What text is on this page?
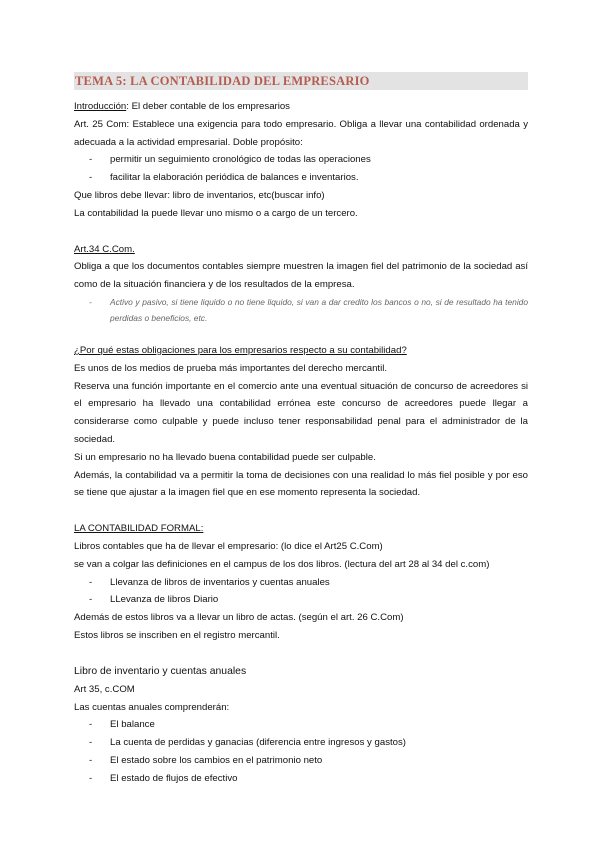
TEMA 5: LA CONTABILIDAD DEL EMPRESARIO
Introducción: El deber contable de los empresarios
Art. 25 Com: Establece una exigencia para todo empresario. Obliga a llevar una contabilidad ordenada y adecuada a la actividad empresarial. Doble propósito:
- permitir un seguimiento cronológico de todas las operaciones
- facilitar la elaboración periódica de balances e inventarios.
Que libros debe llevar: libro de inventarios, etc(buscar info)
La contabilidad la puede llevar uno mismo o a cargo de un tercero.
Art.34 C.Com.
Obliga a que los documentos contables siempre muestren la imagen fiel del patrimonio de la sociedad así como de la situación financiera y de los resultados de la empresa.
- Activo y pasivo, si tiene liquido o no tiene liquido, si van a dar credito los bancos o no, si de resultado ha tenido perdidas o beneficios, etc.
¿Por qué estas obligaciones para los empresarios respecto a su contabilidad?
Es unos de los medios de prueba más importantes del derecho mercantil.
Reserva una función importante en el comercio ante una eventual situación de concurso de acreedores si el empresario ha llevado una contabilidad errónea este concurso de acreedores puede llegar a considerarse como culpable y puede incluso tener responsabilidad penal para el administrador de la sociedad.
Si un empresario no ha llevado buena contabilidad puede ser culpable.
Además, la contabilidad va a permitir la toma de decisiones con una realidad lo más fiel posible y por eso se tiene que ajustar a la imagen fiel que en ese momento representa la sociedad.
LA CONTABILIDAD FORMAL:
Libros contables que ha de llevar el empresario: (lo dice el Art25 C.Com)
se van a colgar las definiciones en el campus de los dos libros. (lectura del art 28 al 34 del c.com)
- Llevanza de libros de inventarios y cuentas anuales
- LLevanza de libros Diario
Además de estos libros va a llevar un libro de actas. (según el art. 26 C.Com)
Estos libros se inscriben en el registro mercantil.
Libro de inventario y cuentas anuales
Art 35, c.COM
Las cuentas anuales comprenderán:
- El balance
- La cuenta de perdidas y ganacias (diferencia entre ingresos y gastos)
- El estado sobre los cambios en el patrimonio neto
- El estado de flujos de efectivo
